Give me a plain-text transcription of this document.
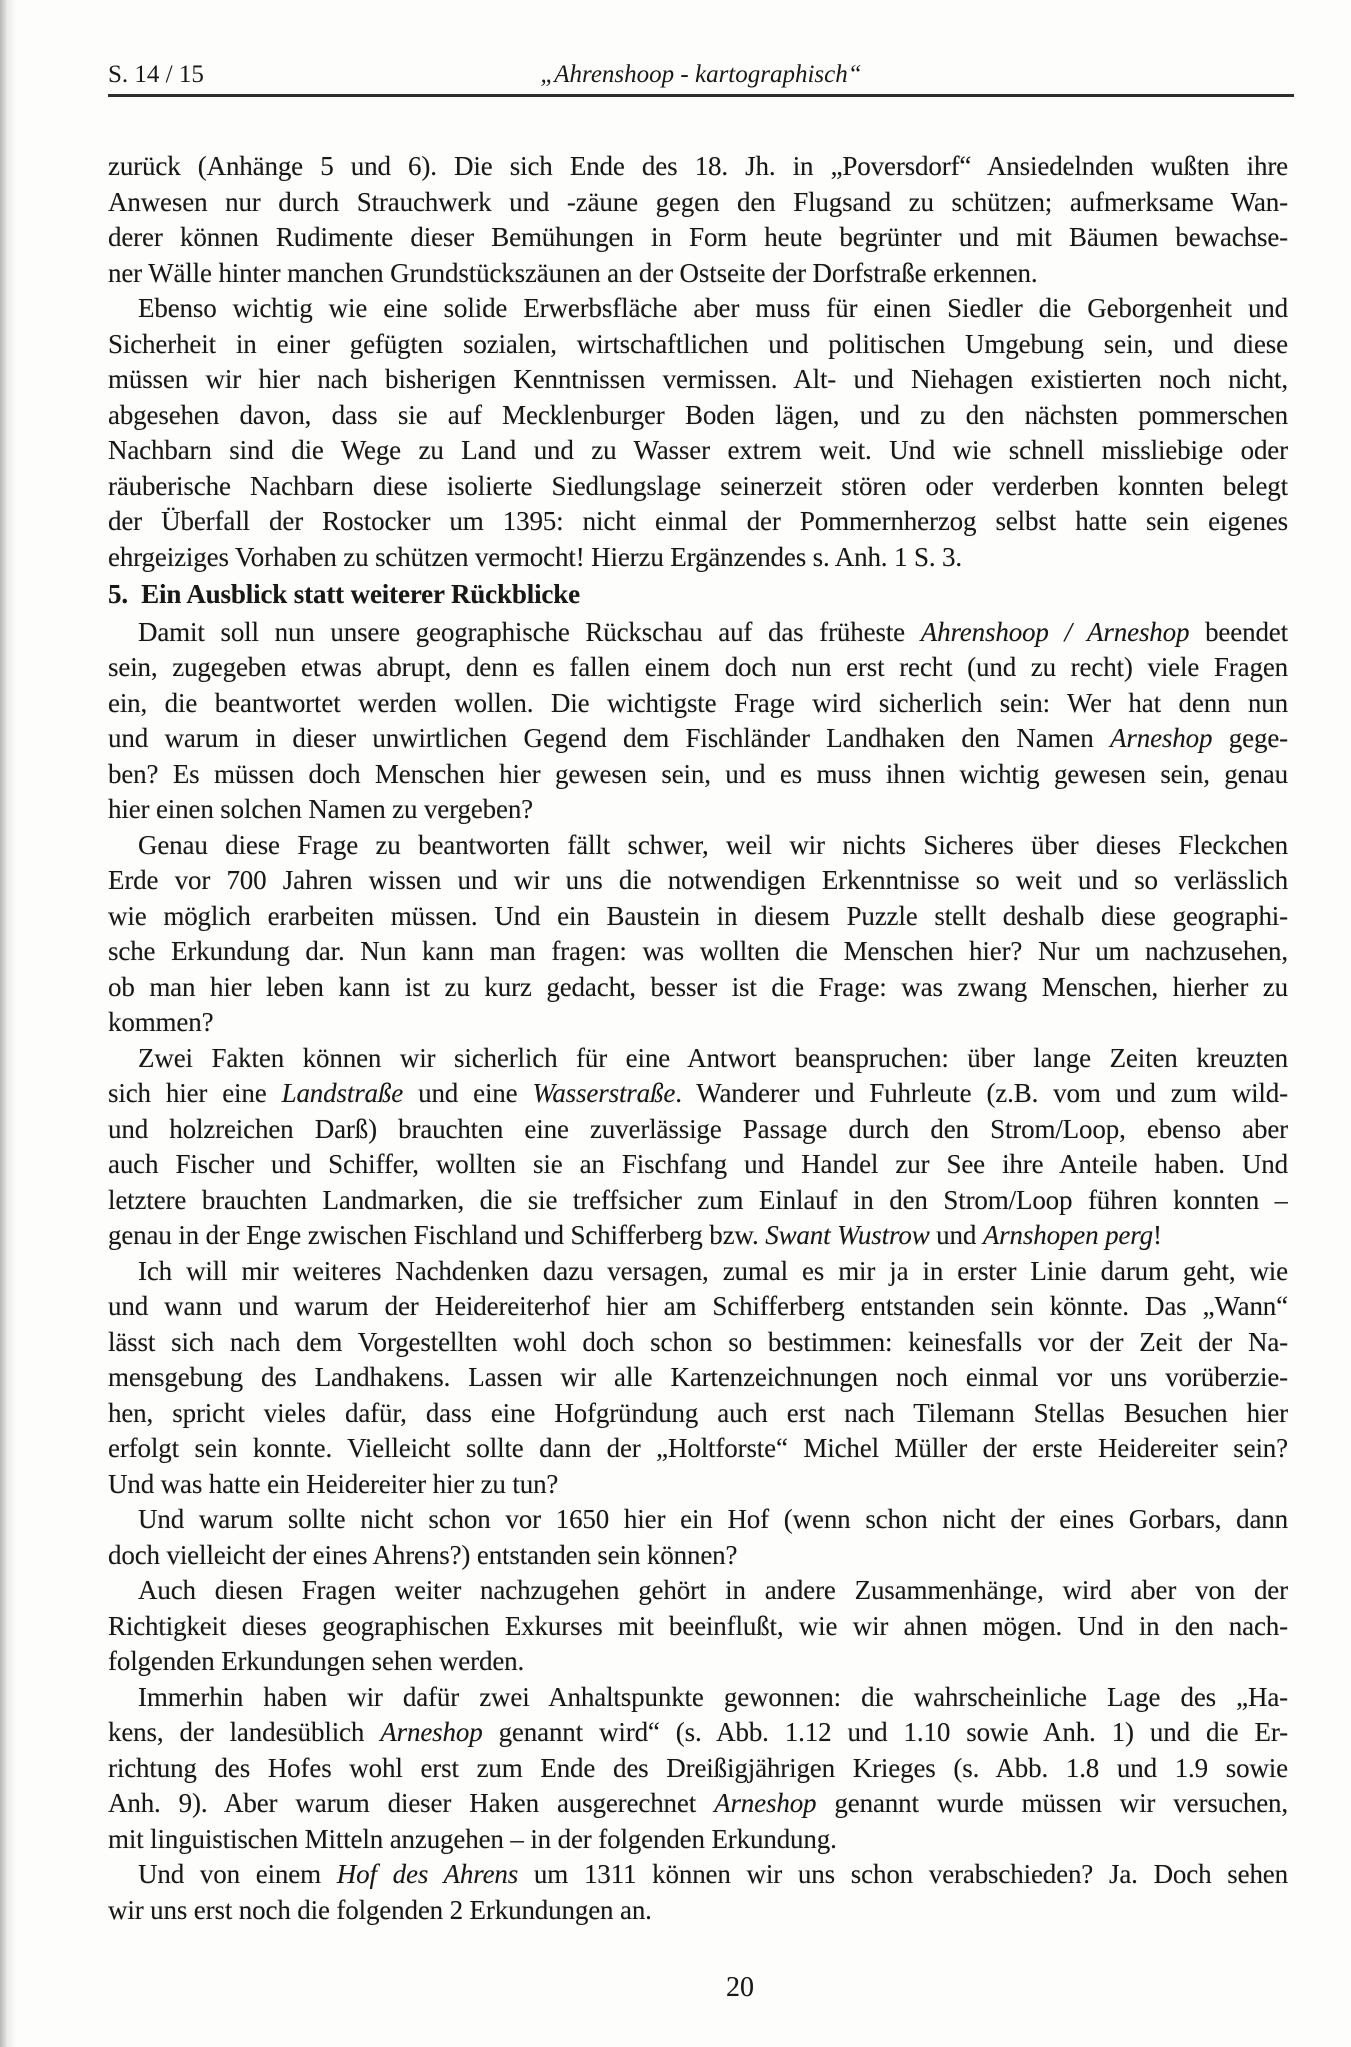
S. 14 / 15	„Ahrenshoop - kartographisch“
zurück (Anhänge 5 und 6). Die sich Ende des 18. Jh. in „Poversdorf“ Ansiedelnden wußten ihre
Anwesen nur durch Strauchwerk und -zäune gegen den Flugsand zu schützen; aufmerksame Wan-
derer können Rudimente dieser Bemühungen in Form heute begrünter und mit Bäumen bewachse-
ner Wälle hinter manchen Grundstückszäunen an der Ostseite der Dorfstraße erkennen.
Ebenso wichtig wie eine solide Erwerbsfläche aber muss für einen Siedler die Geborgenheit und
Sicherheit in einer gefügten sozialen, wirtschaftlichen und politischen Umgebung sein, und diese
müssen wir hier nach bisherigen Kenntnissen vermissen. Alt- und Niehagen existierten noch nicht,
abgesehen davon, dass sie auf Mecklenburger Boden lägen, und zu den nächsten pommerschen
Nachbarn sind die Wege zu Land und zu Wasser extrem weit. Und wie schnell missliebige oder
räuberische Nachbarn diese isolierte Siedlungslage seinerzeit stören oder verderben konnten belegt
der Überfall der Rostocker um 1395: nicht einmal der Pommernherzog selbst hatte sein eigenes
ehrgeiziges Vorhaben zu schützen vermocht! Hierzu Ergänzendes s. Anh. 1 S. 3.
5.  Ein Ausblick statt weiterer Rückblicke
Damit soll nun unsere geographische Rückschau auf das früheste Ahrenshoop / Arneshop beendet
sein, zugegeben etwas abrupt, denn es fallen einem doch nun erst recht (und zu recht) viele Fragen
ein, die beantwortet werden wollen. Die wichtigste Frage wird sicherlich sein: Wer hat denn nun
und warum in dieser unwirtlichen Gegend dem Fischländer Landhaken den Namen Arneshop gege-
ben? Es müssen doch Menschen hier gewesen sein, und es muss ihnen wichtig gewesen sein, genau
hier einen solchen Namen zu vergeben?
Genau diese Frage zu beantworten fällt schwer, weil wir nichts Sicheres über dieses Fleckchen
Erde vor 700 Jahren wissen und wir uns die notwendigen Erkenntnisse so weit und so verlässlich
wie möglich erarbeiten müssen. Und ein Baustein in diesem Puzzle stellt deshalb diese geographi-
sche Erkundung dar. Nun kann man fragen: was wollten die Menschen hier? Nur um nachzusehen,
ob man hier leben kann ist zu kurz gedacht, besser ist die Frage: was zwang Menschen, hierher zu
kommen?
Zwei Fakten können wir sicherlich für eine Antwort beanspruchen: über lange Zeiten kreuzten
sich hier eine Landstraße und eine Wasserstraße. Wanderer und Fuhrleute (z.B. vom und zum wild-
und holzreichen Darß) brauchten eine zuverlässige Passage durch den Strom/Loop, ebenso aber
auch Fischer und Schiffer, wollten sie an Fischfang und Handel zur See ihre Anteile haben. Und
letztere brauchten Landmarken, die sie treffsicher zum Einlauf in den Strom/Loop führen konnten –
genau in der Enge zwischen Fischland und Schifferberg bzw. Swant Wustrow und Arnshopen perg!
Ich will mir weiteres Nachdenken dazu versagen, zumal es mir ja in erster Linie darum geht, wie
und wann und warum der Heidereiterhof hier am Schifferberg entstanden sein könnte. Das „Wann“
lässt sich nach dem Vorgestellten wohl doch schon so bestimmen: keinesfalls vor der Zeit der Na-
mensgebung des Landhakens. Lassen wir alle Kartenzeichnungen noch einmal vor uns vorüberzie-
hen, spricht vieles dafür, dass eine Hofgründung auch erst nach Tilemann Stellas Besuchen hier
erfolgt sein konnte. Vielleicht sollte dann der „Holtforste“ Michel Müller der erste Heidereiter sein?
Und was hatte ein Heidereiter hier zu tun?
Und warum sollte nicht schon vor 1650 hier ein Hof (wenn schon nicht der eines Gorbars, dann
doch vielleicht der eines Ahrens?) entstanden sein können?
Auch diesen Fragen weiter nachzugehen gehört in andere Zusammenhänge, wird aber von der
Richtigkeit dieses geographischen Exkurses mit beeinflußt, wie wir ahnen mögen. Und in den nach-
folgenden Erkundungen sehen werden.
Immerhin haben wir dafür zwei Anhaltspunkte gewonnen: die wahrscheinliche Lage des „Ha-
kens, der landesüblich Arneshop genannt wird“ (s. Abb. 1.12 und 1.10 sowie Anh. 1) und die Er-
richtung des Hofes wohl erst zum Ende des Dreißigjährigen Krieges (s. Abb. 1.8 und 1.9 sowie
Anh. 9). Aber warum dieser Haken ausgerechnet Arneshop genannt wurde müssen wir versuchen,
mit linguistischen Mitteln anzugehen – in der folgenden Erkundung.
Und von einem Hof des Ahrens um 1311 können wir uns schon verabschieden? Ja. Doch sehen
wir uns erst noch die folgenden 2 Erkundungen an.
20
